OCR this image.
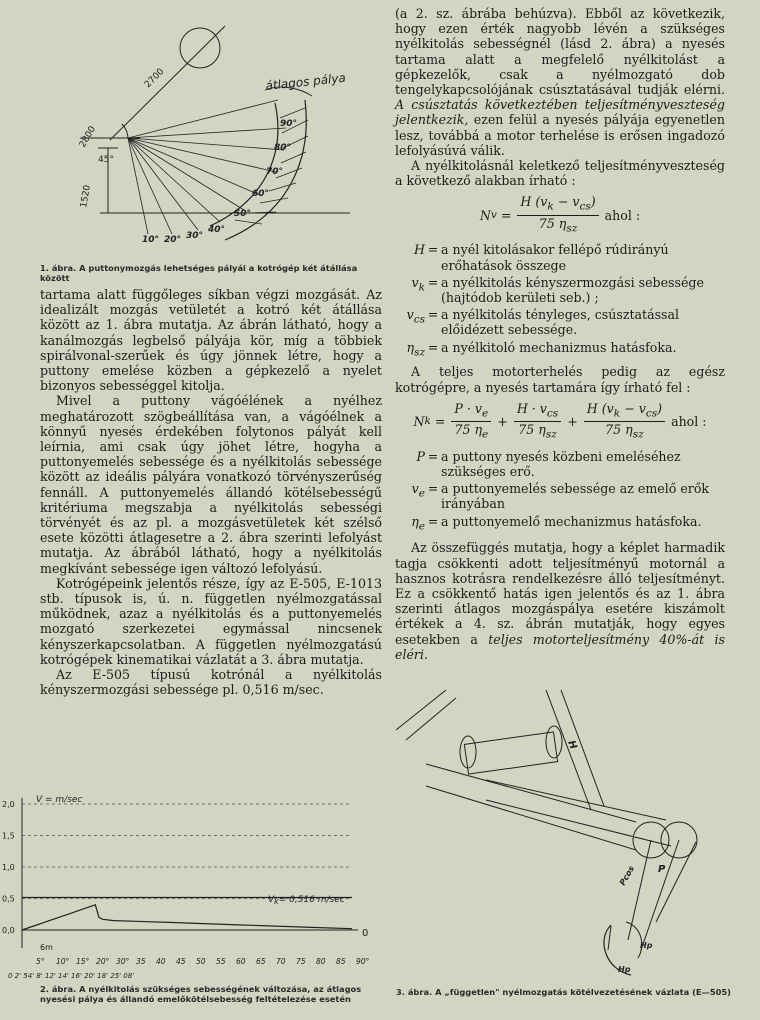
átlagos pálya
2700
2800
1520
45°
10° 20° 30°
40°
50°
60°
70°
80°
90°
1. ábra. A puttonymozgás lehetséges pályái a kotrógép két átállása között

tartama alatt függőleges síkban végzi mozgását. Az idealizált mozgás vetületét a kotró két átállása között az 1. ábra mutatja. Az ábrán látható, hogy a kanálmozgás legbelső pályája kör, míg a többiek spirálvonal-szerűek és úgy jönnek létre, hogy a puttony emelése közben a gépkezelő a nyelet bizonyos sebességgel kitolja.

Mivel a puttony vágóélének a nyélhez meghatározott szögbeállítása van, a vágóélnek a könnyű nyesés érdekében folytonos pályát kell leírnia, ami csak úgy jöhet létre, hogyha a puttonyemelés sebessége és a nyélkitolás sebessége között az ideális pályára vonatkozó törvényszerűség fennáll. A puttonyemelés állandó kötélsebességű kritériuma megszabja a nyélkitolás sebességi törvényét és az pl. a mozgásvetületek két szélső esete közötti átlagesetre a 2. ábra szerinti lefolyást mutatja. Az ábrából látható, hogy a nyélkitolás megkívánt sebessége igen változó lefolyású.

Kotrógépeink jelentős része, így az E-505, E-1013 stb. típusok is, ú. n. független nyélmozgatással működnek, azaz a nyélkitolás és a puttonyemelés mozgató szerkezetei egymással nincsenek kényszerkapcsolatban. A független nyélmozgatású kotrógépek kinematikai vázlatát a 3. ábra mutatja.

Az E-505 típusú kotrónál a nyélkitolás kényszermozgási sebessége pl. 0,516 m/sec.

(a 2. sz. ábrába behúzva). Ebből az következik, hogy ezen érték nagyobb lévén a szükséges nyélkitolás sebességnél (lásd 2. ábra) a nyesés tartama alatt a megfelelő nyélkitolást a gépkezelők, csak a nyélmozgató dob tengelykapcsolójának csúsztatásával tudják elérni. A csúsztatás következtében teljesítményveszteség jelentkezik, ezen felül a nyesés pályája egyenetlen lesz, továbbá a motor terhelése is erősen ingadozó lefolyásúvá válik.

A nyélkitolásnál keletkező teljesítményveszteség a következő alakban írható :

N $v = \frac{H (v_k - v_{cs})}{75 \eta_{sz}}$
ahol :
H = a nyél kitolásakor fellépő rúdirányú erőhatások összege
$v_k = a$ nyélkitolás kényszermozgási sebessége (hajtódob kerületi seb.) ;
$v_{cs} = a$ nyélkitolás tényleges, csúsztatással előidézett sebessége.
$\eta_{sz} = a$ nyélkitoló mechanizmus hatásfoka.

A teljes motorterhelés pedig az egész kotrógépre, a nyesés tartamára így írható fel :

N $k = \frac{P \cdot v_e}{75 \eta_e} + \frac{H \cdot v_{cs}}{75 \eta_{sz}} + \frac{H (v_k - v_{cs})}{75 \eta_{sz}}$
ahol :
P = a puttony nyesés közbeni emeléséhez szükséges erő.
$v_e = a$ puttonyemelés sebessége az emelő erők irányában
$\eta_e = a$ puttonyemelő mechanizmus hatásfoka.

Az összefüggés mutatja, hogy a képlet harmadik tagja csökkenti adott teljesítményű motornál a hasznos kotrásra rendelkezésre álló teljesítményt. Ez a csökkentő hatás igen jelentős és az 1. ábra szerinti átlagos mozgáspálya esetére kiszámolt értékek a 4. sz. ábrán mutatják, hogy egyes esetekben a teljes motorteljesítmény 40%-át is eléri.

0,0
0,5
1,0
1,5
2,0
5° 10° 15° 20° 30° 35 40 45 50 55 60 65 70 75 80 85 90°
V = m/sec
$V_K= 0,516$ m/sec
0
6m
0 2' 54' 8' 12' 14' 16' 20' 18' 25' 08'
2. ábra. A nyélkitolás szükséges sebességének változása, az átlagos nyesési pálya és állandó emelőkötélsebesség feltételezése esetén
H
P
Pcos
Hp
Hp
3. ábra. A „független" nyélmozgatás kötélvezetésének vázlata (E—505)
